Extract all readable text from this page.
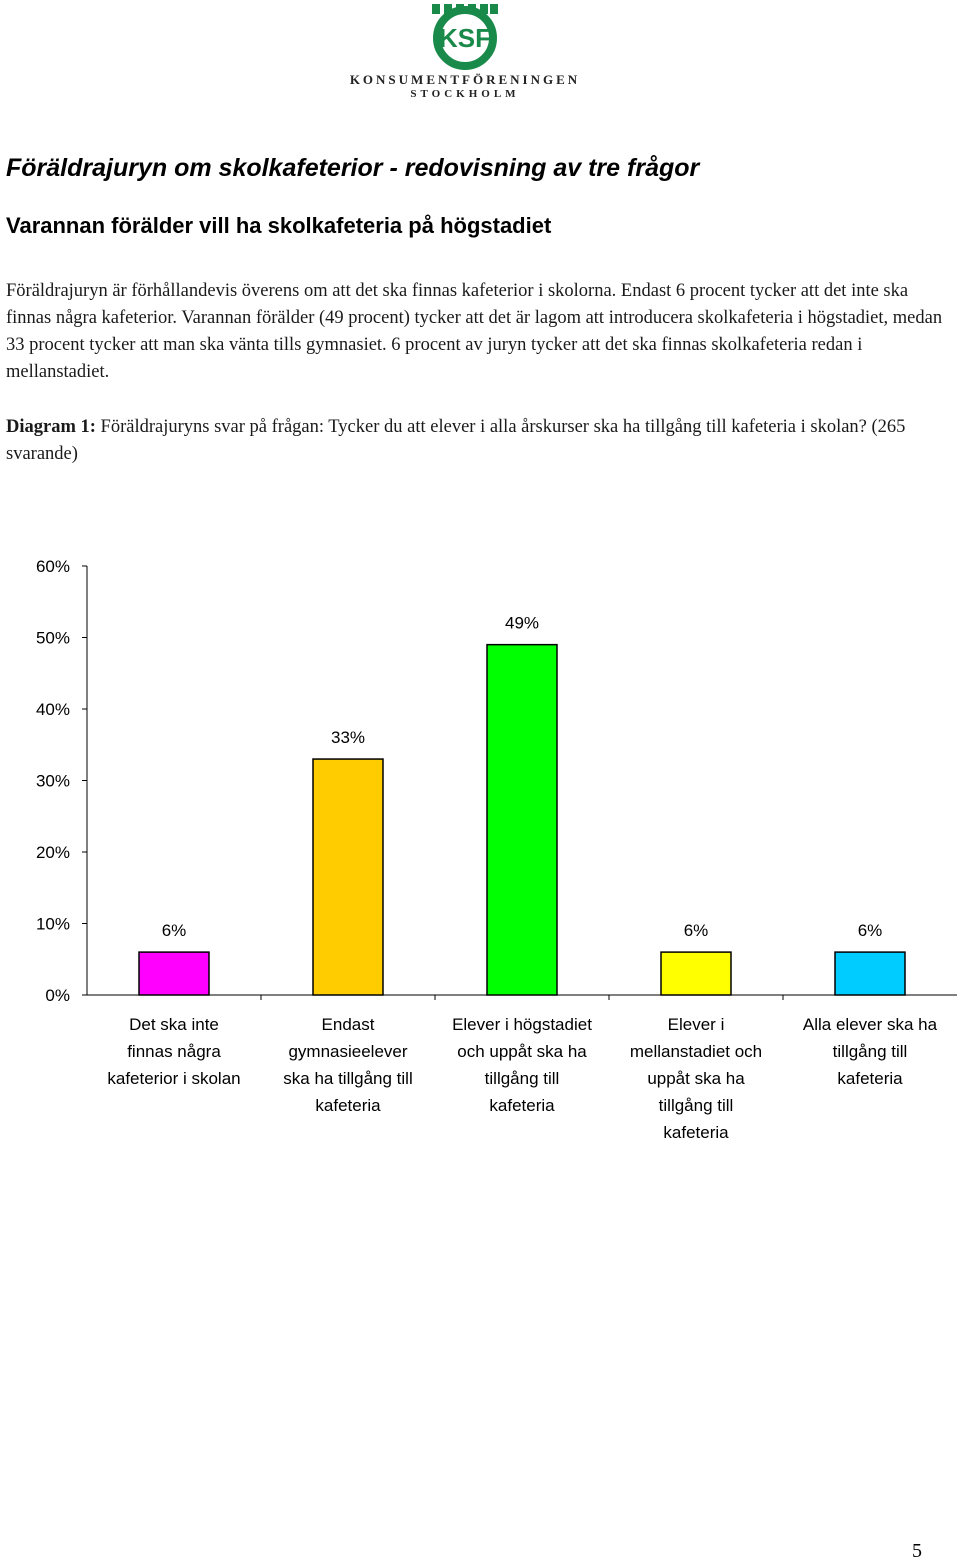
KSF
KONSUMENTFÖRENINGEN
STOCKHOLM
Föräldrajuryn om skolkafeterior - redovisning av tre frågor
Varannan förälder vill ha skolkafeteria på högstadiet

Föräldrajuryn är förhållandevis överens om att det ska finnas kafeterior i skolorna. Endast 6 procent tycker att det inte ska finnas några kafeterior. Varannan förälder (49 procent) tycker att det är lagom att introducera skolkafeteria i högstadiet, medan 33 procent tycker att man ska vänta tills gymnasiet. 6 procent av juryn tycker att det ska finnas skolkafeteria redan i mellanstadiet.

Diagram 1: Föräldrajuryns svar på frågan: Tycker du att elever i alla årskurser ska ha tillgång till kafeteria i skolan? (265 svarande)

0%
10%
20%
30%
40%
50%
60%
6%
Det ska inte
finnas några
kafeterior i skolan
33%
Endast
gymnasieelever
ska ha tillgång till
kafeteria
49%
Elever i högstadiet
och uppåt ska ha
tillgång till
kafeteria
6%
Elever i
mellanstadiet och
uppåt ska ha
tillgång till
kafeteria
6%
Alla elever ska ha
tillgång till
kafeteria
5
